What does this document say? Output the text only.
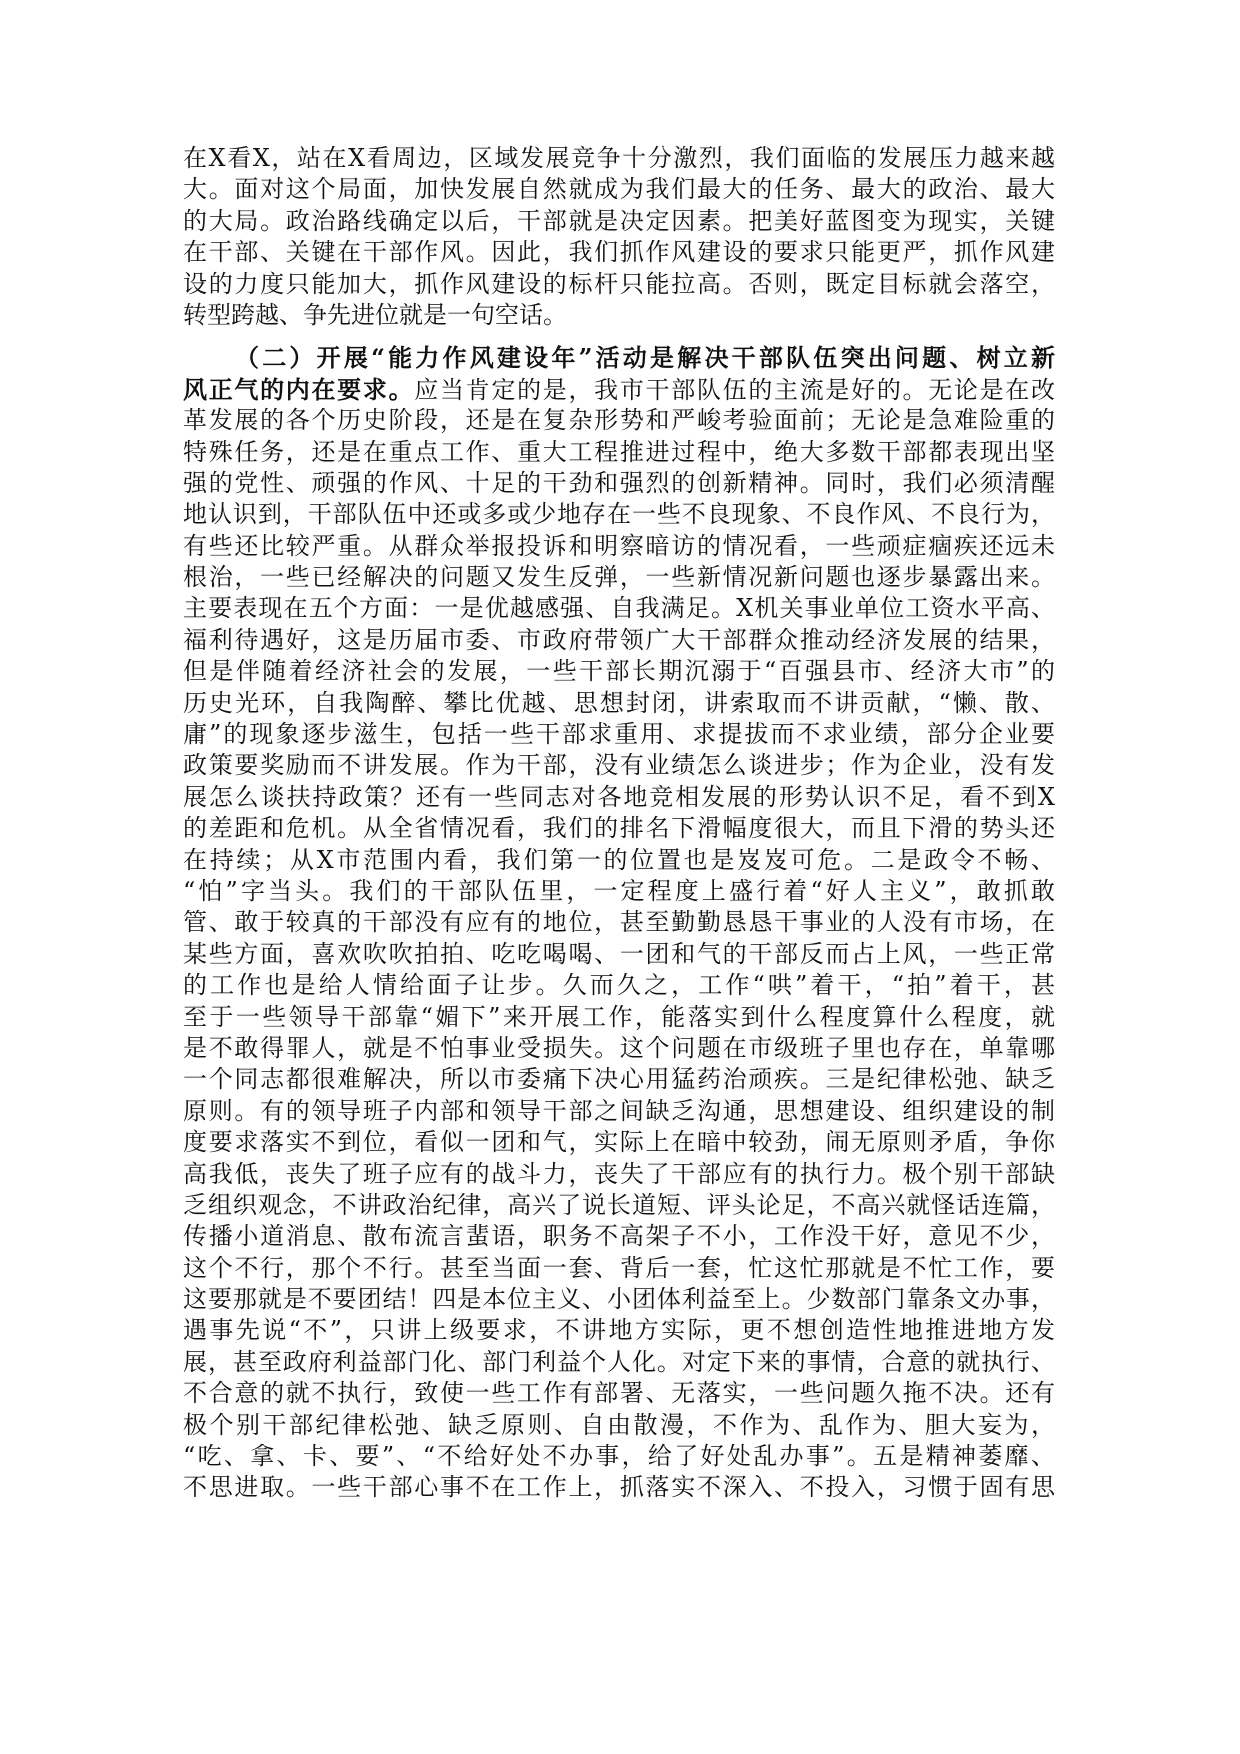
在X看X，站在X看周边，区域发展竞争十分激烈，我们面临的发展压力越来越
大。面对这个局面，加快发展自然就成为我们最大的任务、最大的政治、最大
的大局。政治路线确定以后，干部就是决定因素。把美好蓝图变为现实，关键
在干部、关键在干部作风。因此，我们抓作风建设的要求只能更严，抓作风建
设的力度只能加大，抓作风建设的标杆只能拉高。否则，既定目标就会落空，
转型跨越、争先进位就是一句空话。
（二）开展“能力作风建设年”活动是解决干部队伍突出问题、树立新
风正气的内在要求。应当肯定的是，我市干部队伍的主流是好的。无论是在改
革发展的各个历史阶段，还是在复杂形势和严峻考验面前；无论是急难险重的
特殊任务，还是在重点工作、重大工程推进过程中，绝大多数干部都表现出坚
强的党性、顽强的作风、十足的干劲和强烈的创新精神。同时，我们必须清醒
地认识到，干部队伍中还或多或少地存在一些不良现象、不良作风、不良行为，
有些还比较严重。从群众举报投诉和明察暗访的情况看，一些顽症痼疾还远未
根治，一些已经解决的问题又发生反弹，一些新情况新问题也逐步暴露出来。
主要表现在五个方面：一是优越感强、自我满足。X机关事业单位工资水平高、
福利待遇好，这是历届市委、市政府带领广大干部群众推动经济发展的结果，
但是伴随着经济社会的发展，一些干部长期沉溺于“百强县市、经济大市”的
历史光环，自我陶醉、攀比优越、思想封闭，讲索取而不讲贡献，“懒、散、
庸”的现象逐步滋生，包括一些干部求重用、求提拔而不求业绩，部分企业要
政策要奖励而不讲发展。作为干部，没有业绩怎么谈进步；作为企业，没有发
展怎么谈扶持政策？还有一些同志对各地竞相发展的形势认识不足，看不到X
的差距和危机。从全省情况看，我们的排名下滑幅度很大，而且下滑的势头还
在持续；从X市范围内看，我们第一的位置也是岌岌可危。二是政令不畅、
“怕”字当头。我们的干部队伍里，一定程度上盛行着“好人主义”，敢抓敢
管、敢于较真的干部没有应有的地位，甚至勤勤恳恳干事业的人没有市场，在
某些方面，喜欢吹吹拍拍、吃吃喝喝、一团和气的干部反而占上风，一些正常
的工作也是给人情给面子让步。久而久之，工作“哄”着干，“拍”着干，甚
至于一些领导干部靠“媚下”来开展工作，能落实到什么程度算什么程度，就
是不敢得罪人，就是不怕事业受损失。这个问题在市级班子里也存在，单靠哪
一个同志都很难解决，所以市委痛下决心用猛药治顽疾。三是纪律松弛、缺乏
原则。有的领导班子内部和领导干部之间缺乏沟通，思想建设、组织建设的制
度要求落实不到位，看似一团和气，实际上在暗中较劲，闹无原则矛盾，争你
高我低，丧失了班子应有的战斗力，丧失了干部应有的执行力。极个别干部缺
乏组织观念，不讲政治纪律，高兴了说长道短、评头论足，不高兴就怪话连篇，
传播小道消息、散布流言蜚语，职务不高架子不小，工作没干好，意见不少，
这个不行，那个不行。甚至当面一套、背后一套，忙这忙那就是不忙工作，要
这要那就是不要团结！四是本位主义、小团体利益至上。少数部门靠条文办事，
遇事先说“不”，只讲上级要求，不讲地方实际，更不想创造性地推进地方发
展，甚至政府利益部门化、部门利益个人化。对定下来的事情，合意的就执行、
不合意的就不执行，致使一些工作有部署、无落实，一些问题久拖不决。还有
极个别干部纪律松弛、缺乏原则、自由散漫，不作为、乱作为、胆大妄为，
“吃、拿、卡、要”、“不给好处不办事，给了好处乱办事”。五是精神萎靡、
不思进取。一些干部心事不在工作上，抓落实不深入、不投入，习惯于固有思
